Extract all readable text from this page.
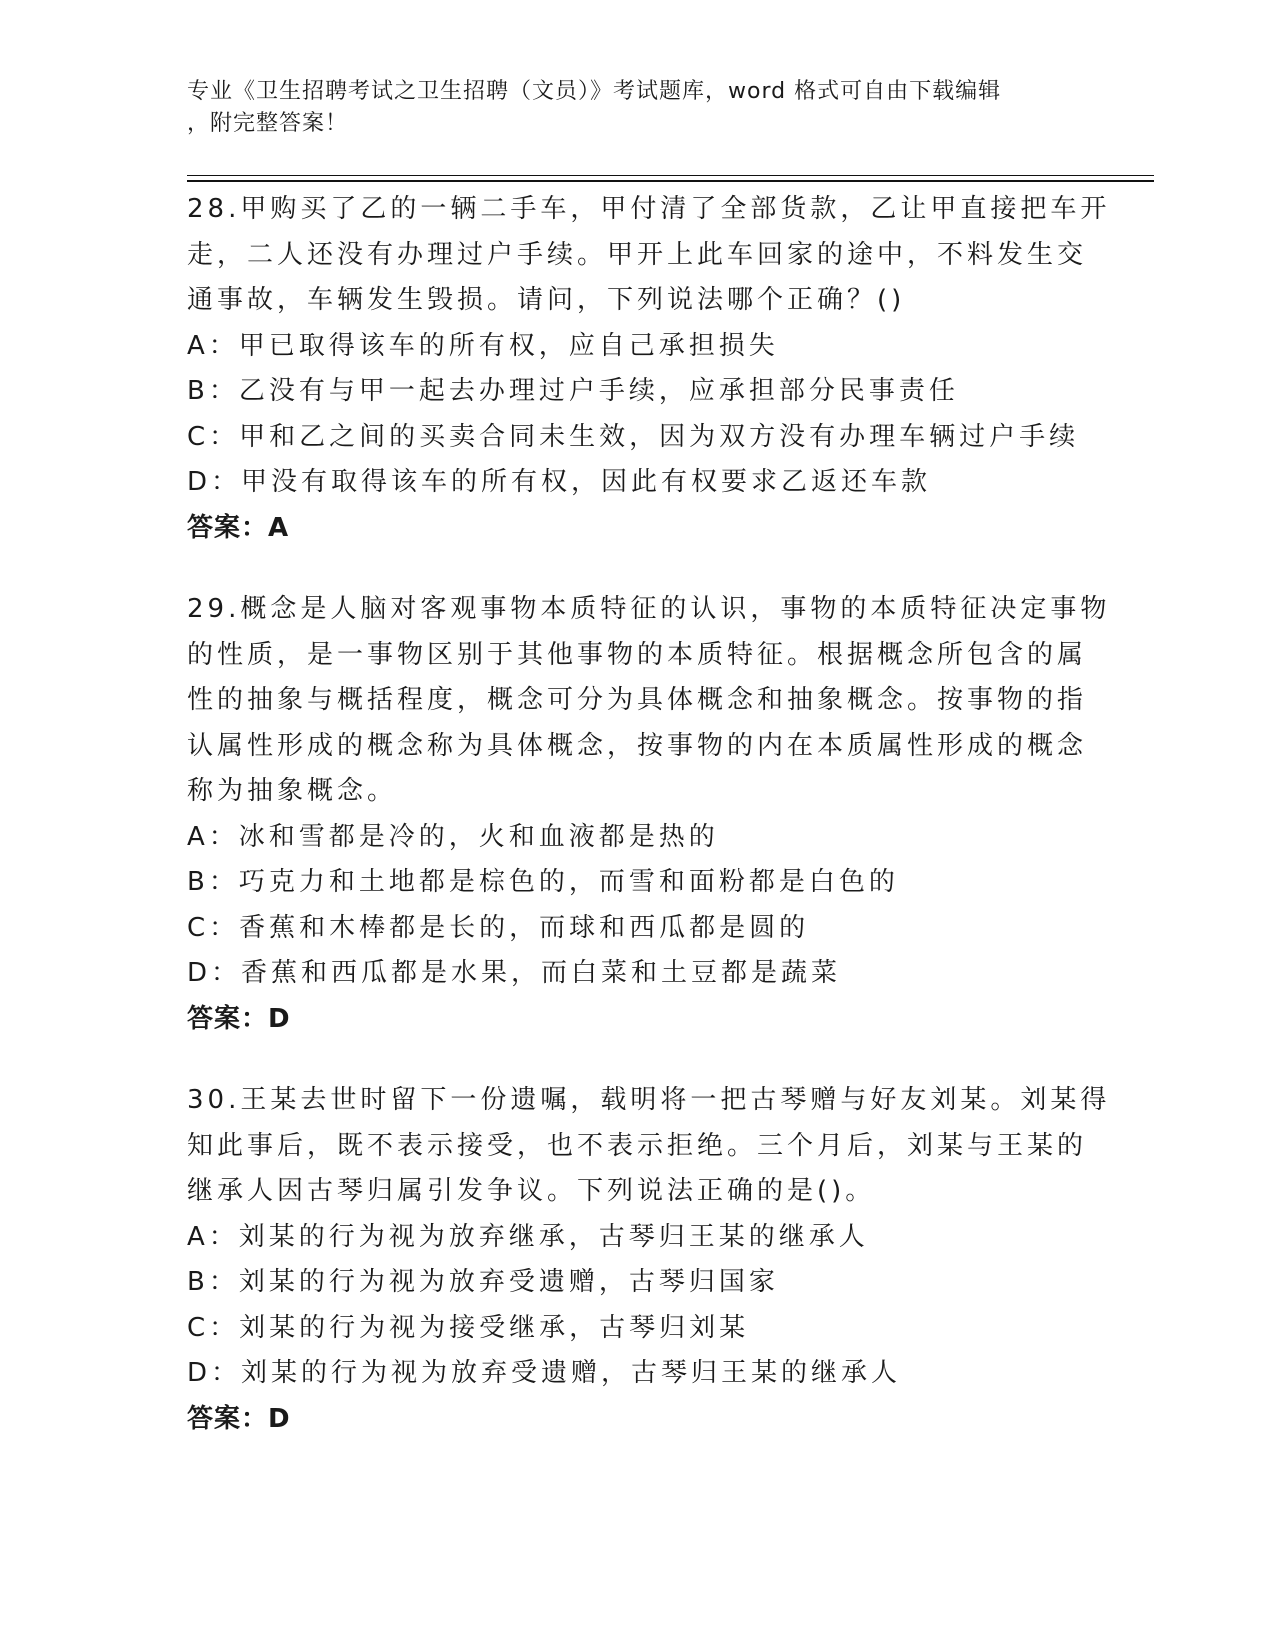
专业《卫生招聘考试之卫生招聘（文员）》考试题库，word 格式可自由下载编辑
，附完整答案！
28.甲购买了乙的一辆二手车，甲付清了全部货款，乙让甲直接把车开
走，二人还没有办理过户手续。甲开上此车回家的途中，不料发生交
通事故，车辆发生毁损。请问，下列说法哪个正确？()
A：甲已取得该车的所有权，应自己承担损失
B：乙没有与甲一起去办理过户手续，应承担部分民事责任
C：甲和乙之间的买卖合同未生效，因为双方没有办理车辆过户手续
D：甲没有取得该车的所有权，因此有权要求乙返还车款
答案：A
29.概念是人脑对客观事物本质特征的认识，事物的本质特征决定事物
的性质，是一事物区别于其他事物的本质特征。根据概念所包含的属
性的抽象与概括程度，概念可分为具体概念和抽象概念。按事物的指
认属性形成的概念称为具体概念，按事物的内在本质属性形成的概念
称为抽象概念。
A：冰和雪都是冷的，火和血液都是热的
B：巧克力和土地都是棕色的，而雪和面粉都是白色的
C：香蕉和木棒都是长的，而球和西瓜都是圆的
D：香蕉和西瓜都是水果，而白菜和土豆都是蔬菜
答案：D
30.王某去世时留下一份遗嘱，载明将一把古琴赠与好友刘某。刘某得
知此事后，既不表示接受，也不表示拒绝。三个月后，刘某与王某的
继承人因古琴归属引发争议。下列说法正确的是()。
A：刘某的行为视为放弃继承，古琴归王某的继承人
B：刘某的行为视为放弃受遗赠，古琴归国家
C：刘某的行为视为接受继承，古琴归刘某
D：刘某的行为视为放弃受遗赠，古琴归王某的继承人
答案：D
